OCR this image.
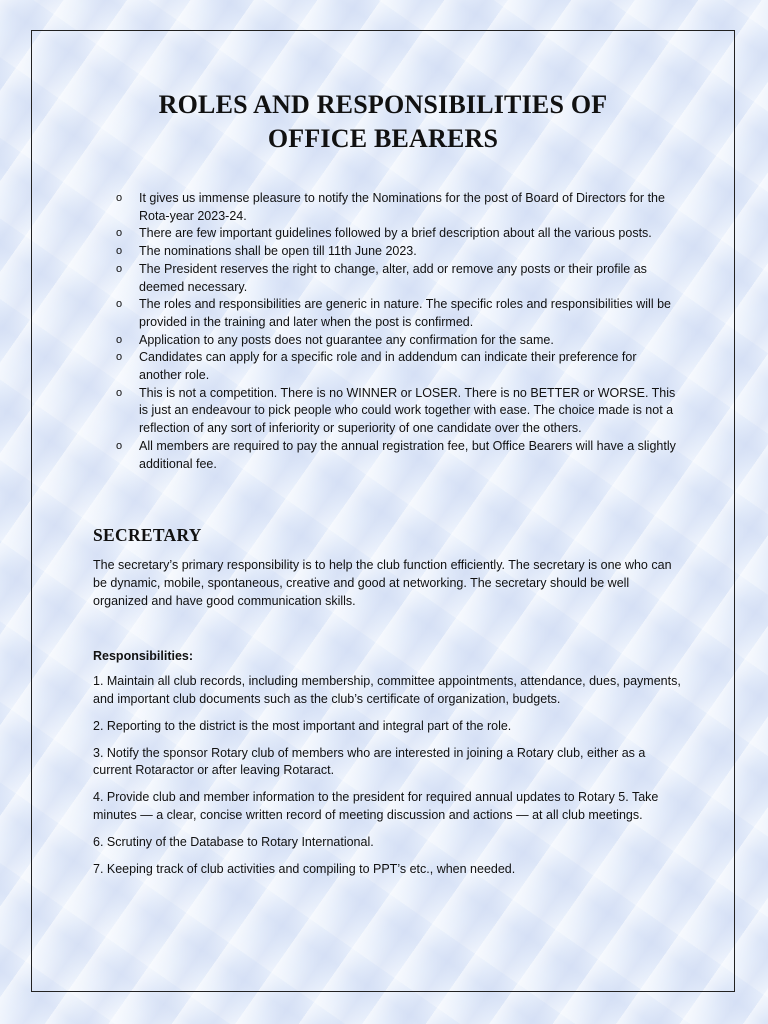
ROLES AND RESPONSIBILITIES OF
OFFICE BEARERS
o It gives us immense pleasure to notify the Nominations for the post of Board of Directors for the Rota-year 2023-24.
o There are few important guidelines followed by a brief description about all the various posts.
o The nominations shall be open till 11th June 2023.
o The President reserves the right to change, alter, add or remove any posts or their profile as deemed necessary.
o The roles and responsibilities are generic in nature. The specific roles and responsibilities will be provided in the training and later when the post is confirmed.
o Application to any posts does not guarantee any confirmation for the same.
o Candidates can apply for a specific role and in addendum can indicate their preference for another role.
o This is not a competition. There is no WINNER or LOSER. There is no BETTER or WORSE. This is just an endeavour to pick people who could work together with ease. The choice made is not a reflection of any sort of inferiority or superiority of one candidate over the others.
o All members are required to pay the annual registration fee, but Office Bearers will have a slightly additional fee.
SECRETARY

The secretary’s primary responsibility is to help the club function efficiently. The secretary is one who can be dynamic, mobile, spontaneous, creative and good at networking. The secretary should be well organized and have good communication skills.

Responsibilities:

1. Maintain all club records, including membership, committee appointments, attendance, dues, payments, and important club documents such as the club’s certificate of organization, budgets.
2. Reporting to the district is the most important and integral part of the role.
3. Notify the sponsor Rotary club of members who are interested in joining a Rotary club, either as a current Rotaractor or after leaving Rotaract.
4. Provide club and member information to the president for required annual updates to Rotary 5. Take minutes — a clear, concise written record of meeting discussion and actions — at all club meetings.
6. Scrutiny of the Database to Rotary International.
7. Keeping track of club activities and compiling to PPT’s etc., when needed.
